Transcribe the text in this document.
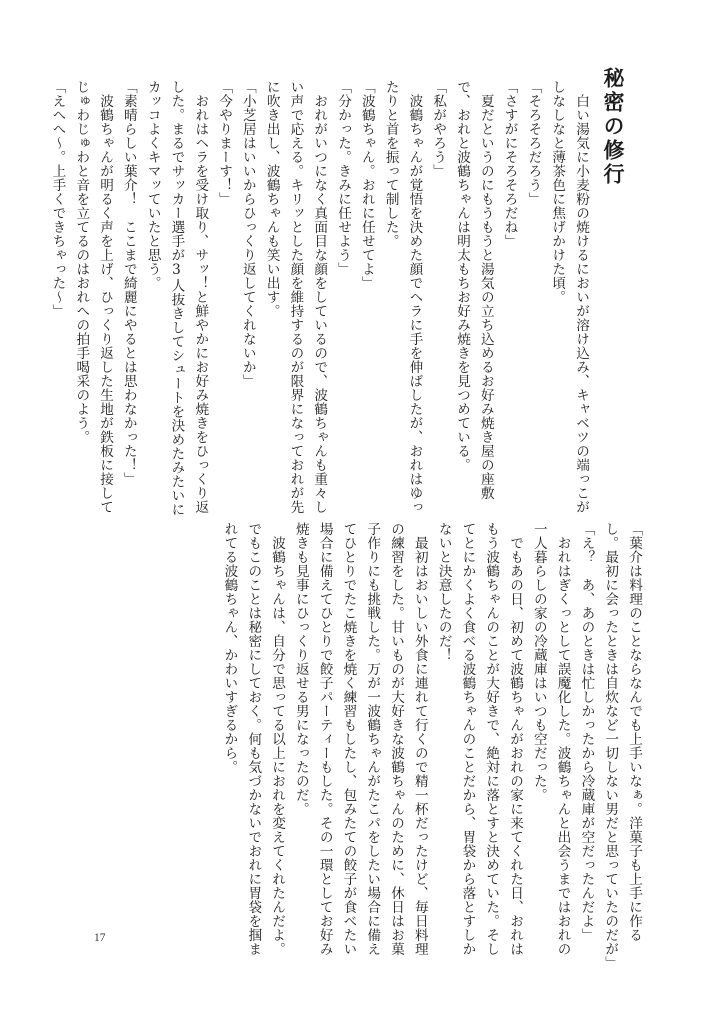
秘密の修行
　白い湯気に小麦粉の焼けるにおいが溶け込み、キャベツの端っこが
しなしなと薄茶色に焦げかけた頃。
「そろそろだろう」
「さすがにそろそろだね」
　夏だというのにもうもうと湯気の立ち込めるお好み焼き屋の座敷
で、おれと波鶴ちゃんは明太もちお好み焼きを見つめている。
「私がやろう」
　波鶴ちゃんが覚悟を決めた顔でヘラに手を伸ばしたが、おれはゆっ
たりと首を振って制した。
「波鶴ちゃん。おれに任せてよ」
「分かった。きみに任せよう」
　おれがいつになく真面目な顔をしているので、波鶴ちゃんも重々し
い声で応える。キリッとした顔を維持するのが限界になっておれが先
に吹き出し、波鶴ちゃんも笑い出す。
「小芝居はいいからひっくり返してくれないか」
「今やりまーす！」
　おれはヘラを受け取り、サッ！と鮮やかにお好み焼きをひっくり返
した。まるでサッカー選手が3人抜きしてシュートを決めたみたいに
カッコよくキマッていたと思う。
「素晴らしい葉介！　ここまで綺麗にやるとは思わなかった！」
　波鶴ちゃんが明るく声を上げ、ひっくり返した生地が鉄板に接して
じゅわじゅわと音を立てるのはおれへの拍手喝采のよう。
「えへへ〜。上手くできちゃった〜」
「葉介は料理のことならなんでも上手いなぁ。洋菓子も上手に作る
し。最初に会ったときは自炊など一切しない男だと思っていたのだが」
「え？　あ、あのときは忙しかったから冷蔵庫が空だったんだよ」
　おれはぎくっとして誤魔化した。波鶴ちゃんと出会うまではおれの
一人暮らしの家の冷蔵庫はいつも空だった。
　でもあの日、初めて波鶴ちゃんがおれの家に来てくれた日、おれは
もう波鶴ちゃんのことが大好きで、絶対に落とすと決めていた。そし
てとにかくよく食べる波鶴ちゃんのことだから、胃袋から落とすしか
ないと決意したのだ！
　最初はおいしい外食に連れて行くので精一杯だったけど、毎日料理
の練習をした。甘いものが大好きな波鶴ちゃんのために、休日はお菓
子作りにも挑戦した。万が一波鶴ちゃんがたこパをしたい場合に備え
てひとりでたこ焼きを焼く練習もしたし、包みたての餃子が食べたい
場合に備えてひとりで餃子パーティーもした。その一環としてお好み
焼きも見事にひっくり返せる男になったのだ。
　波鶴ちゃんは、自分で思ってる以上におれを変えてくれたんだよ。
でもこのことは秘密にしておく。何も気づかないでおれに胃袋を掴ま
れてる波鶴ちゃん、かわいすぎるから。
17
